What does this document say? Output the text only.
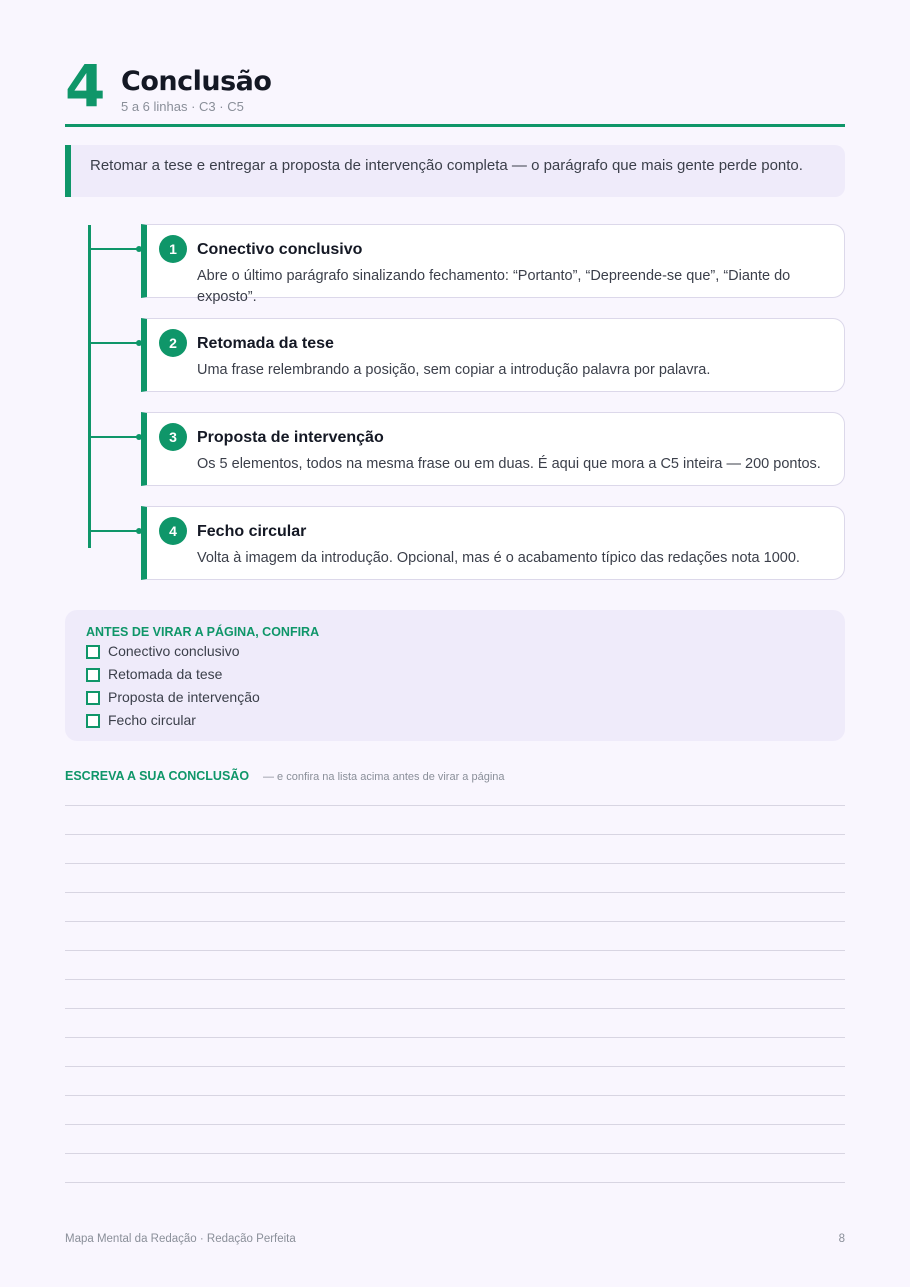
4 Conclusão
5 a 6 linhas · C3 · C5
Retomar a tese e entregar a proposta de intervenção completa — o parágrafo que mais gente perde ponto.
1	Conectivo conclusivo
Abre o último parágrafo sinalizando fechamento: “Portanto”, “Depreende-se que”, “Diante do exposto”.
2	Retomada da tese
Uma frase relembrando a posição, sem copiar a introdução palavra por palavra.
3	Proposta de intervenção
Os 5 elementos, todos na mesma frase ou em duas. É aqui que mora a C5 inteira — 200 pontos.
4	Fecho circular
Volta à imagem da introdução. Opcional, mas é o acabamento típico das redações nota 1000.
ANTES DE VIRAR A PÁGINA, CONFIRA
Conectivo conclusivo
Retomada da tese
Proposta de intervenção
Fecho circular
ESCREVA A SUA CONCLUSÃO — e confira na lista acima antes de virar a página
Mapa Mental da Redação · Redação Perfeita	8
